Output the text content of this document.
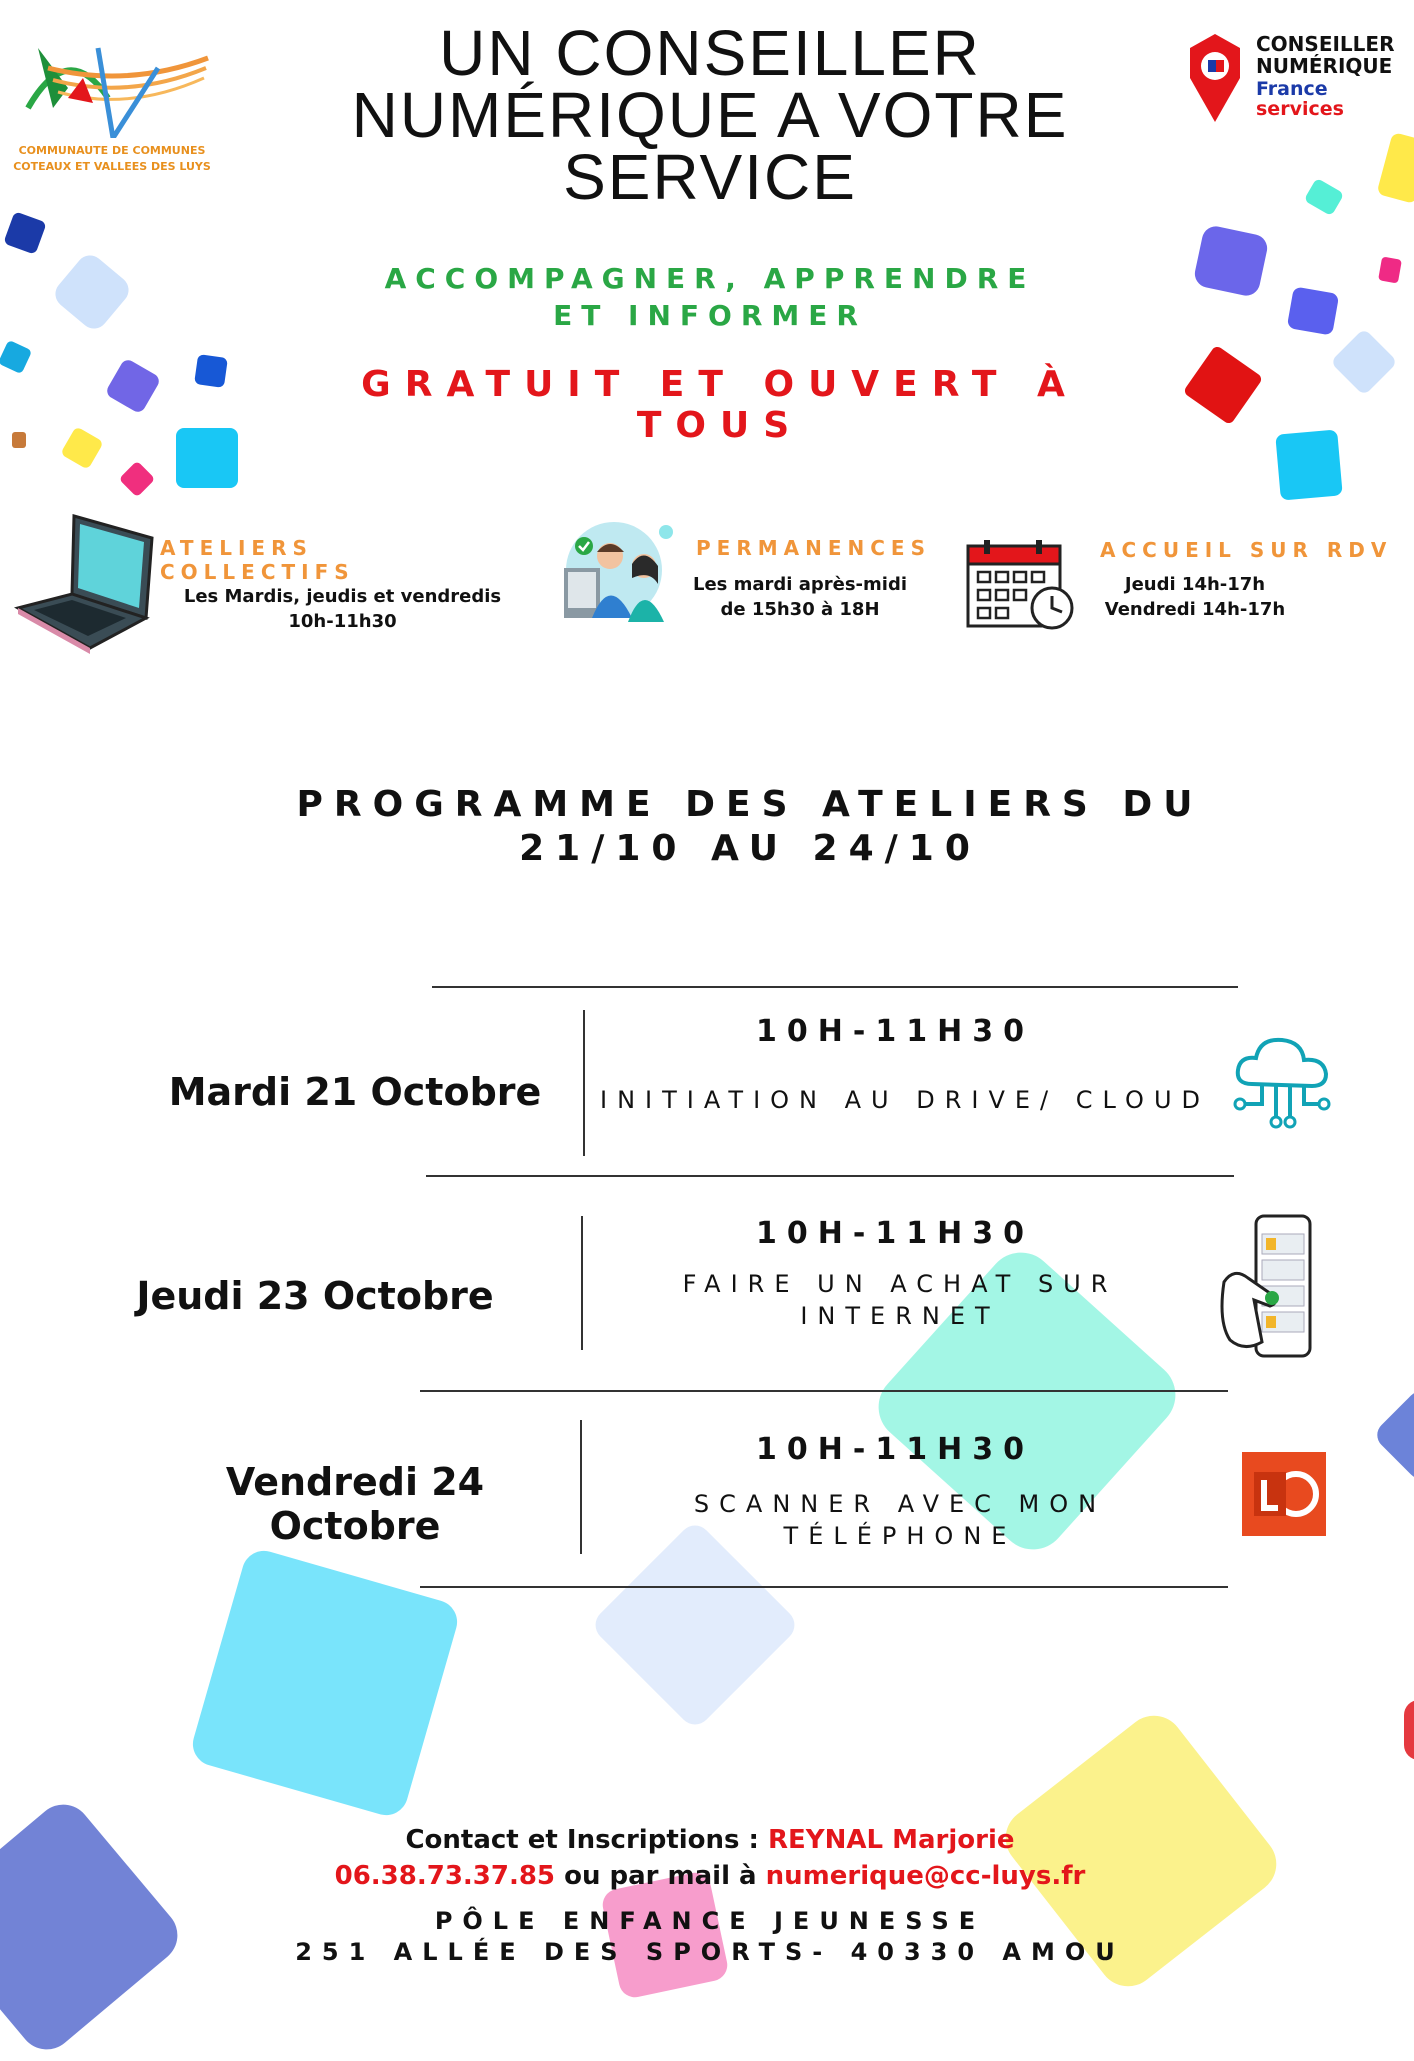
COMMUNAUTE DE COMMUNES
COTEAUX ET VALLEES DES LUYS
UN CONSEILLER NUMÉRIQUE A VOTRE SERVICE
CONSEILLER
NUMÉRIQUE
France
services
ACCOMPAGNER, APPRENDRE
ET INFORMER
GRATUIT ET OUVERT À TOUS
ATELIERS COLLECTIFS
Les Mardis, jeudis et vendredis
10h-11h30
PERMANENCES
Les mardi après-midi
de 15h30 à 18H
ACCUEIL SUR RDV
Jeudi 14h-17h
Vendredi 14h-17h
PROGRAMME DES ATELIERS DU
21/10 AU 24/10
Mardi 21 Octobre
10H-11H30
INITIATION AU DRIVE/ CLOUD
Jeudi 23 Octobre
10H-11H30
FAIRE UN ACHAT SUR
INTERNET
Vendredi 24 Octobre
10H-11H30
SCANNER AVEC MON
TÉLÉPHONE
Contact et Inscriptions : REYNAL Marjorie
06.38.73.37.85 ou par mail à numerique@cc-luys.fr
PÔLE ENFANCE JEUNESSE
251 ALLÉE DES SPORTS- 40330 AMOU
